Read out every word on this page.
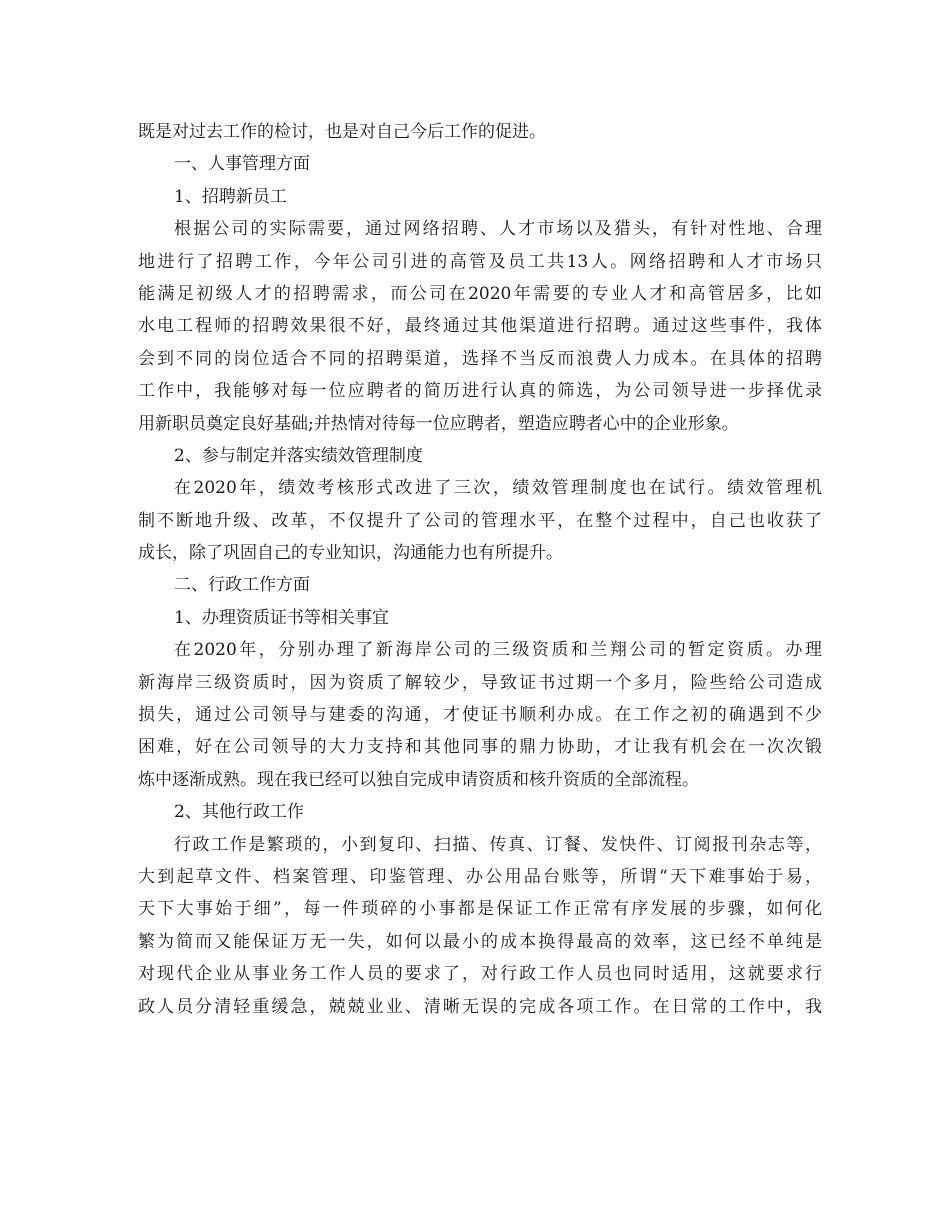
既是对过去工作的检讨，也是对自己今后工作的促进。
一、人事管理方面
1、招聘新员工
根据公司的实际需要，通过网络招聘、人才市场以及猎头，有针对性地、合理
地进行了招聘工作，今年公司引进的高管及员工共13人。网络招聘和人才市场只
能满足初级人才的招聘需求，而公司在2020年需要的专业人才和高管居多，比如
水电工程师的招聘效果很不好，最终通过其他渠道进行招聘。通过这些事件，我体
会到不同的岗位适合不同的招聘渠道，选择不当反而浪费人力成本。在具体的招聘
工作中，我能够对每一位应聘者的简历进行认真的筛选，为公司领导进一步择优录
用新职员奠定良好基础;并热情对待每一位应聘者，塑造应聘者心中的企业形象。
2、参与制定并落实绩效管理制度
在2020年，绩效考核形式改进了三次，绩效管理制度也在试行。绩效管理机
制不断地升级、改革，不仅提升了公司的管理水平，在整个过程中，自己也收获了
成长，除了巩固自己的专业知识，沟通能力也有所提升。
二、行政工作方面
1、办理资质证书等相关事宜
在2020年，分别办理了新海岸公司的三级资质和兰翔公司的暂定资质。办理
新海岸三级资质时，因为资质了解较少，导致证书过期一个多月，险些给公司造成
损失，通过公司领导与建委的沟通，才使证书顺利办成。在工作之初的确遇到不少
困难，好在公司领导的大力支持和其他同事的鼎力协助，才让我有机会在一次次锻
炼中逐渐成熟。现在我已经可以独自完成申请资质和核升资质的全部流程。
2、其他行政工作
行政工作是繁琐的，小到复印、扫描、传真、订餐、发快件、订阅报刊杂志等，
大到起草文件、档案管理、印鉴管理、办公用品台账等，所谓“天下难事始于易，
天下大事始于细”，每一件琐碎的小事都是保证工作正常有序发展的步骤，如何化
繁为简而又能保证万无一失，如何以最小的成本换得最高的效率，这已经不单纯是
对现代企业从事业务工作人员的要求了，对行政工作人员也同时适用，这就要求行
政人员分清轻重缓急，兢兢业业、清晰无误的完成各项工作。在日常的工作中，我
